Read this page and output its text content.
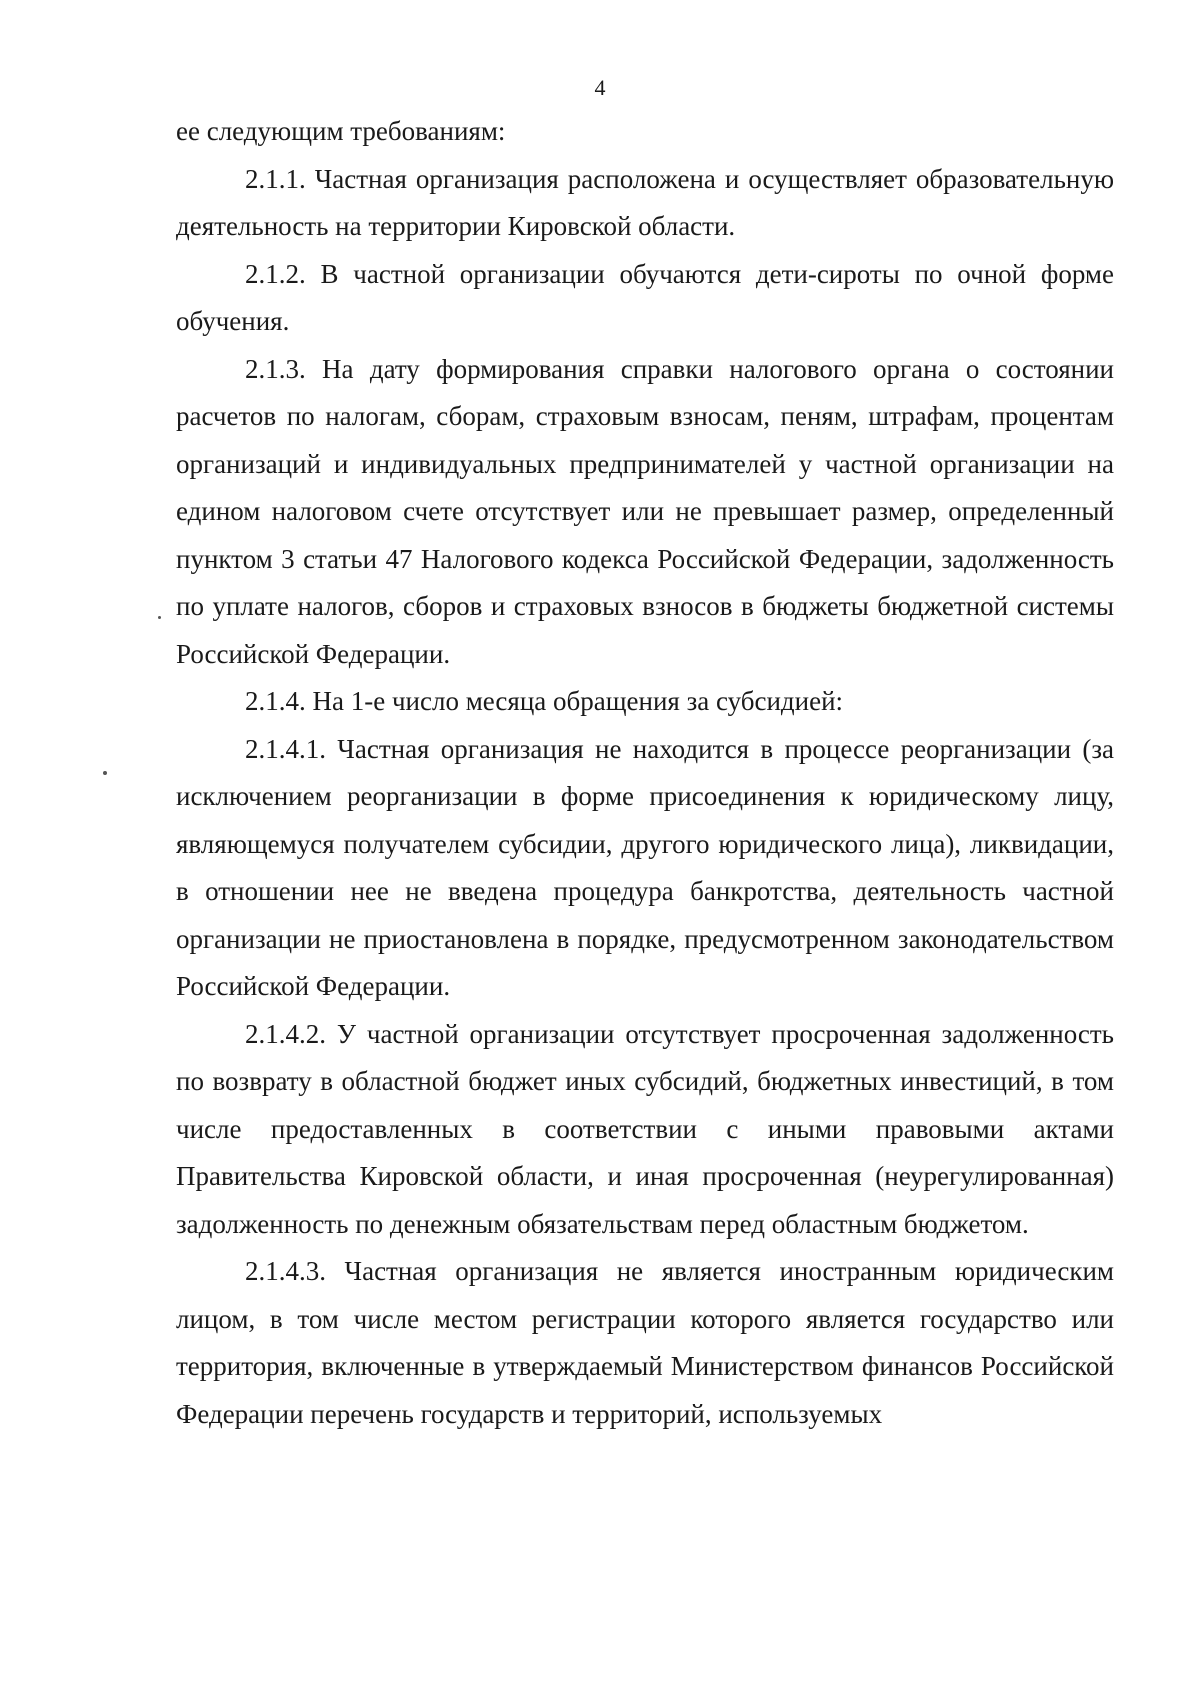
4

ее следующим требованиям:

2.1.1. Частная организация расположена и осуществляет образовательную деятельность на территории Кировской области.

2.1.2. В частной организации обучаются дети-сироты по очной форме обучения.

2.1.3. На дату формирования справки налогового органа о состоянии расчетов по налогам, сборам, страховым взносам, пеням, штрафам, процентам организаций и индивидуальных предпринимателей у частной организации на едином налоговом счете отсутствует или не превышает размер, определенный пунктом 3 статьи 47 Налогового кодекса Российской Федерации, задолженность по уплате налогов, сборов и страховых взносов в бюджеты бюджетной системы Российской Федерации.

2.1.4. На 1-е число месяца обращения за субсидией:

2.1.4.1. Частная организация не находится в процессе реорганизации (за исключением реорганизации в форме присоединения к юридическому лицу, являющемуся получателем субсидии, другого юридического лица), ликвидации, в отношении нее не введена процедура банкротства, деятельность частной организации не приостановлена в порядке, предусмотренном законодательством Российской Федерации.

2.1.4.2. У частной организации отсутствует просроченная задолженность по возврату в областной бюджет иных субсидий, бюджетных инвестиций, в том числе предоставленных в соответствии с иными правовыми актами Правительства Кировской области, и иная просроченная (неурегулированная) задолженность по денежным обязательствам перед областным бюджетом.

2.1.4.3. Частная организация не является иностранным юридическим лицом, в том числе местом регистрации которого является государство или территория, включенные в утверждаемый Министерством финансов Российской Федерации перечень государств и территорий, используемых
